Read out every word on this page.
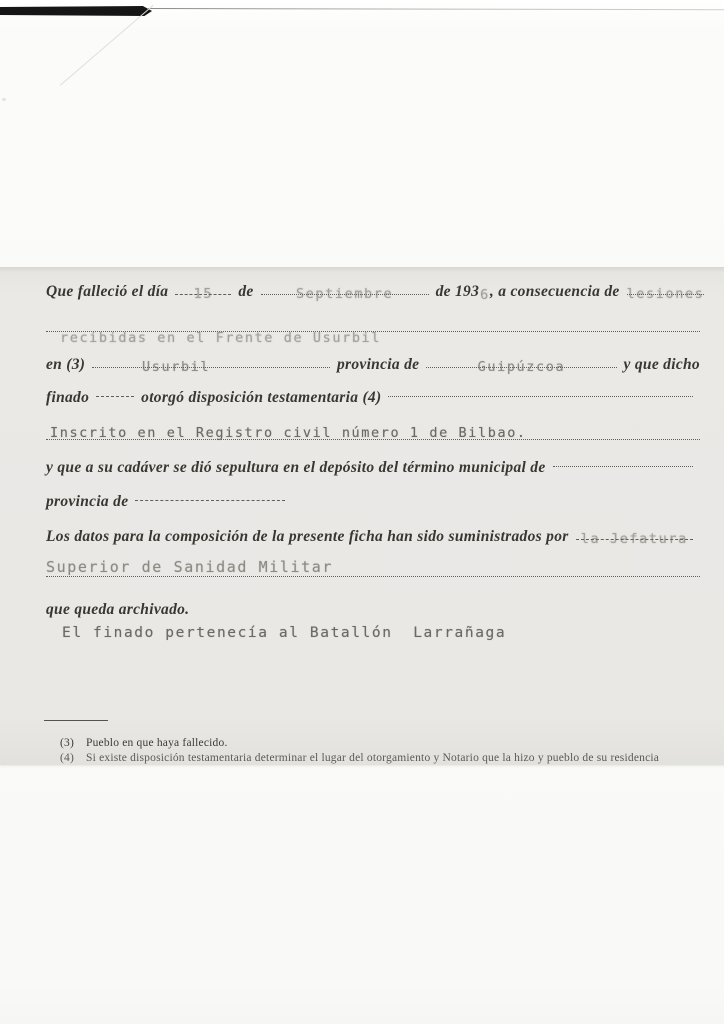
Que falleció el día 15 de	Septiembre	de 193 6 , a consecuencia de lesiones
recibidas en el Frente de Usurbil
en (3)	Usurbil	provincia de	Guipúzcoa	y que dicho
finado	otorgó disposición testamentaria (4)
Inscrito en el Registro civil número 1 de Bilbao.
y que a su cadáver se dió sepultura en el depósito del término municipal de
provincia de
Los datos para la composición de la presente ficha han sido suministrados por la Jefatura
Superior de Sanidad Militar
que queda archivado.
El finado pertenecía al Batallón  Larrañaga
(3) Pueblo en que haya fallecido.
(4) Si existe disposición testamentaria determinar el lugar del otorgamiento y Notario que la hizo y pueblo de su residencia
